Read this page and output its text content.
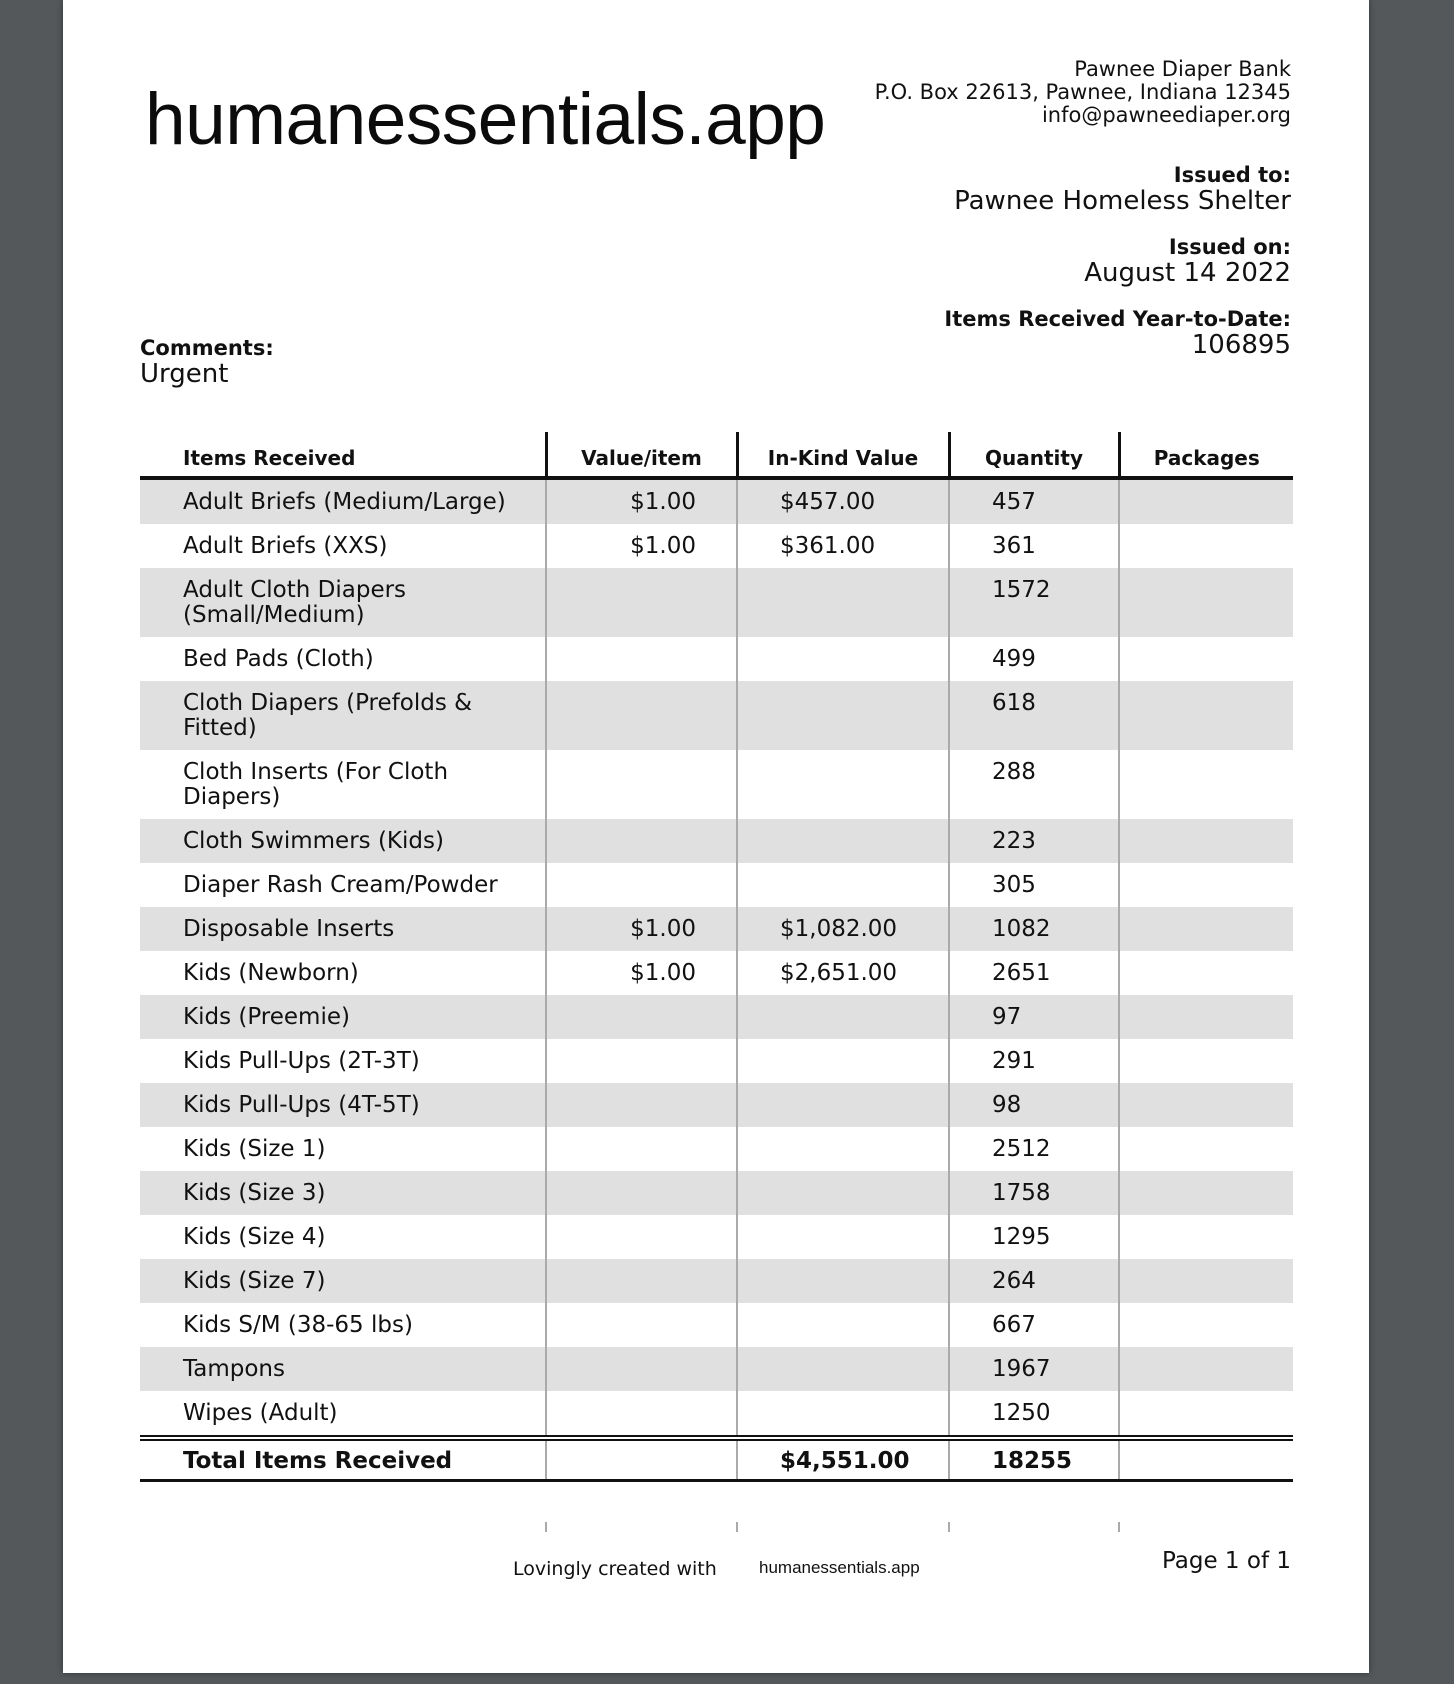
humanessentials.app
Pawnee Diaper Bank
P.O. Box 22613, Pawnee, Indiana 12345
info@pawneediaper.org
Issued to:
Pawnee Homeless Shelter
Issued on:
August 14 2022
Items Received Year-to-Date:
106895
Comments:
Urgent
Items Received	Value/item	In-Kind Value	Quantity	Packages
Adult Briefs (Medium/Large)	$1.00	$457.00	457	
Adult Briefs (XXS)	$1.00	$361.00	361	
Adult Cloth Diapers (Small/Medium)			1572	
Bed Pads (Cloth)			499	
Cloth Diapers (Prefolds & Fitted)			618	
Cloth Inserts (For Cloth Diapers)			288	
Cloth Swimmers (Kids)			223	
Diaper Rash Cream/Powder			305	
Disposable Inserts	$1.00	$1,082.00	1082	
Kids (Newborn)	$1.00	$2,651.00	2651	
Kids (Preemie)			97	
Kids Pull-Ups (2T-3T)			291	
Kids Pull-Ups (4T-5T)			98	
Kids (Size 1)			2512	
Kids (Size 3)			1758	
Kids (Size 4)			1295	
Kids (Size 7)			264	
Kids S/M (38-65 lbs)			667	
Tampons			1967	
Wipes (Adult)			1250	
Total Items Received		$4,551.00	18255	
Lovingly created with humanessentials.app	Page 1 of 1
